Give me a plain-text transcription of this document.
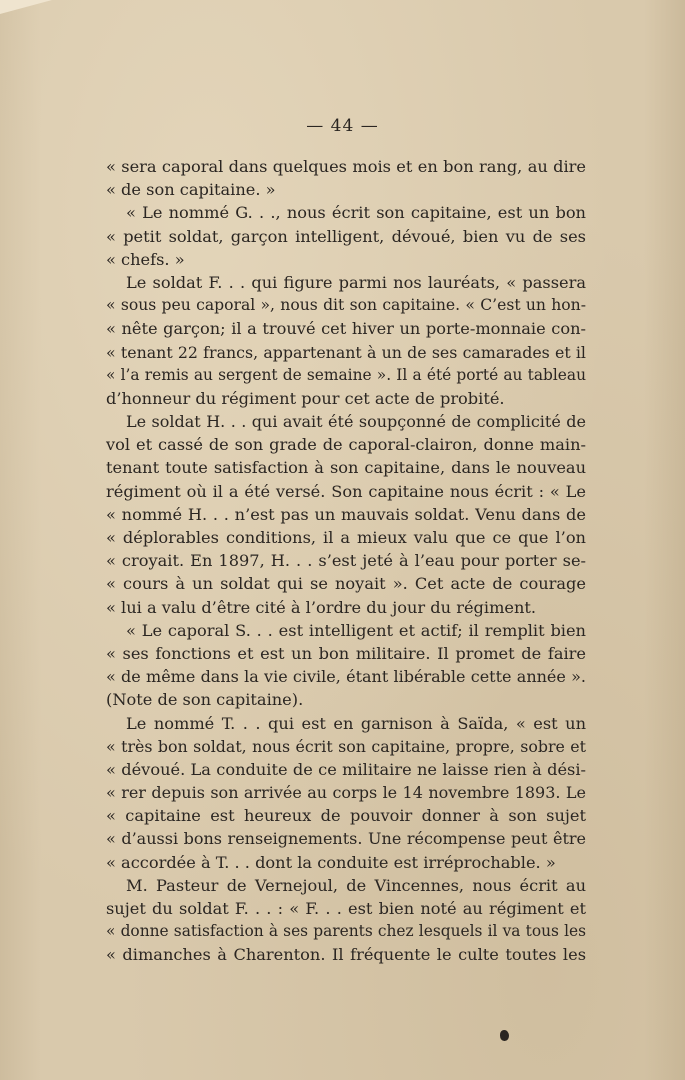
— 44 —
« sera caporal dans quelques mois et en bon rang, au dire
« de son capitaine. »
« Le nommé G. . ., nous écrit son capitaine, est un bon
« petit soldat, garçon intelligent, dévoué, bien vu de ses
« chefs. »
Le soldat F. . . qui figure parmi nos lauréats, « passera
« sous peu caporal », nous dit son capitaine. « C’est un hon-
« nête garçon; il a trouvé cet hiver un porte-monnaie con-
« tenant 22 francs, appartenant à un de ses camarades et il
« l’a remis au sergent de semaine ». Il a été porté au tableau
d’honneur du régiment pour cet acte de probité.
Le soldat H. . . qui avait été soupçonné de complicité de
vol et cassé de son grade de caporal-clairon, donne main-
tenant toute satisfaction à son capitaine, dans le nouveau
régiment où il a été versé. Son capitaine nous écrit : « Le
« nommé H. . . n’est pas un mauvais soldat. Venu dans de
« déplorables conditions, il a mieux valu que ce que l’on
« croyait. En 1897, H. . . s’est jeté à l’eau pour porter se-
« cours à un soldat qui se noyait ». Cet acte de courage
« lui a valu d’être cité à l’ordre du jour du régiment.
« Le caporal S. . . est intelligent et actif; il remplit bien
« ses fonctions et est un bon militaire. Il promet de faire
« de même dans la vie civile, étant libérable cette année ».
(Note de son capitaine).
Le nommé T. . . qui est en garnison à Saïda, « est un
« très bon soldat, nous écrit son capitaine, propre, sobre et
« dévoué. La conduite de ce militaire ne laisse rien à dési-
« rer depuis son arrivée au corps le 14 novembre 1893. Le
« capitaine est heureux de pouvoir donner à son sujet
« d’aussi bons renseignements. Une récompense peut être
« accordée à T. . . dont la conduite est irréprochable. »
M. Pasteur de Vernejoul, de Vincennes, nous écrit au
sujet du soldat F. . . : « F. . . est bien noté au régiment et
« donne satisfaction à ses parents chez lesquels il va tous les
« dimanches à Charenton. Il fréquente le culte toutes les
